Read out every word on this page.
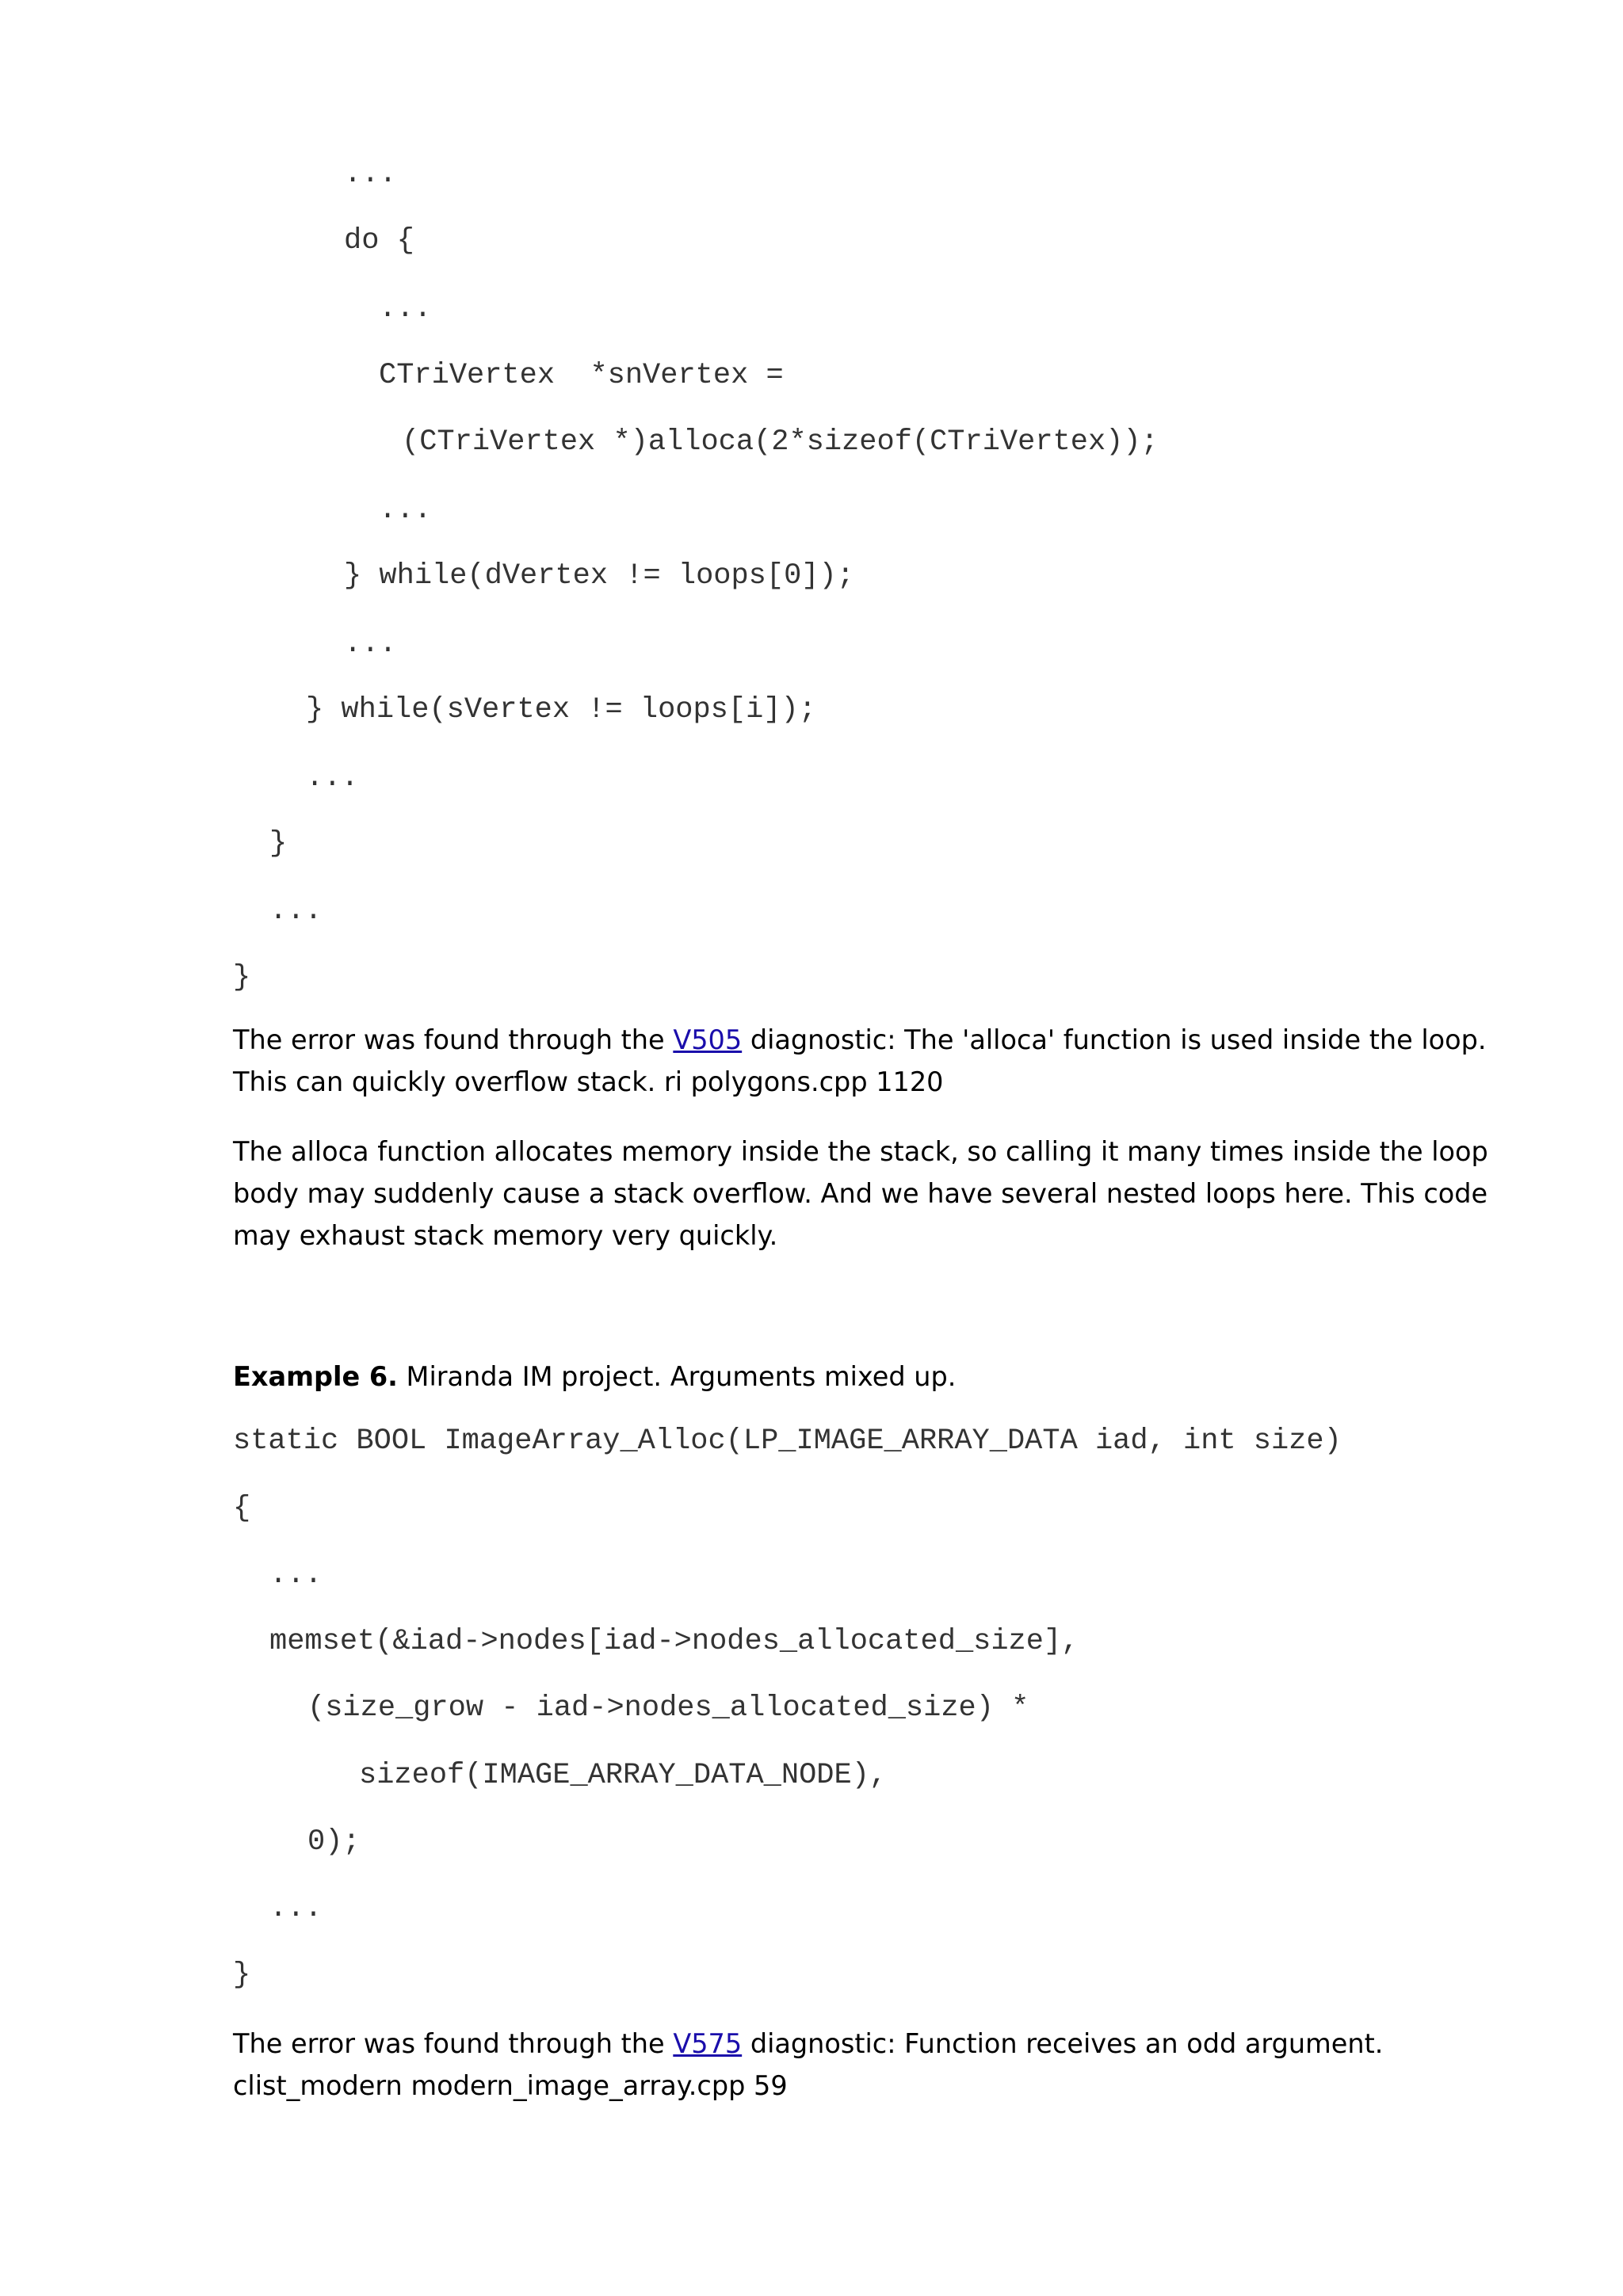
...
do {
...
CTriVertex  *snVertex =
(CTriVertex *)alloca(2*sizeof(CTriVertex));
...
} while(dVertex != loops[0]);
...
} while(sVertex != loops[i]);
...
}
...
}

The error was found through the V505 diagnostic: The 'alloca' function is used inside the loop. This can quickly overflow stack. ri polygons.cpp 1120

The alloca function allocates memory inside the stack, so calling it many times inside the loop body may suddenly cause a stack overflow. And we have several nested loops here. This code may exhaust stack memory very quickly.

Example 6. Miranda IM project. Arguments mixed up.

static BOOL ImageArray_Alloc(LP_IMAGE_ARRAY_DATA iad, int size)
{
...
memset(&iad->nodes[iad->nodes_allocated_size],
(size_grow - iad->nodes_allocated_size) *
sizeof(IMAGE_ARRAY_DATA_NODE),
0);
...
}

The error was found through the V575 diagnostic: Function receives an odd argument. clist_modern modern_image_array.cpp 59
